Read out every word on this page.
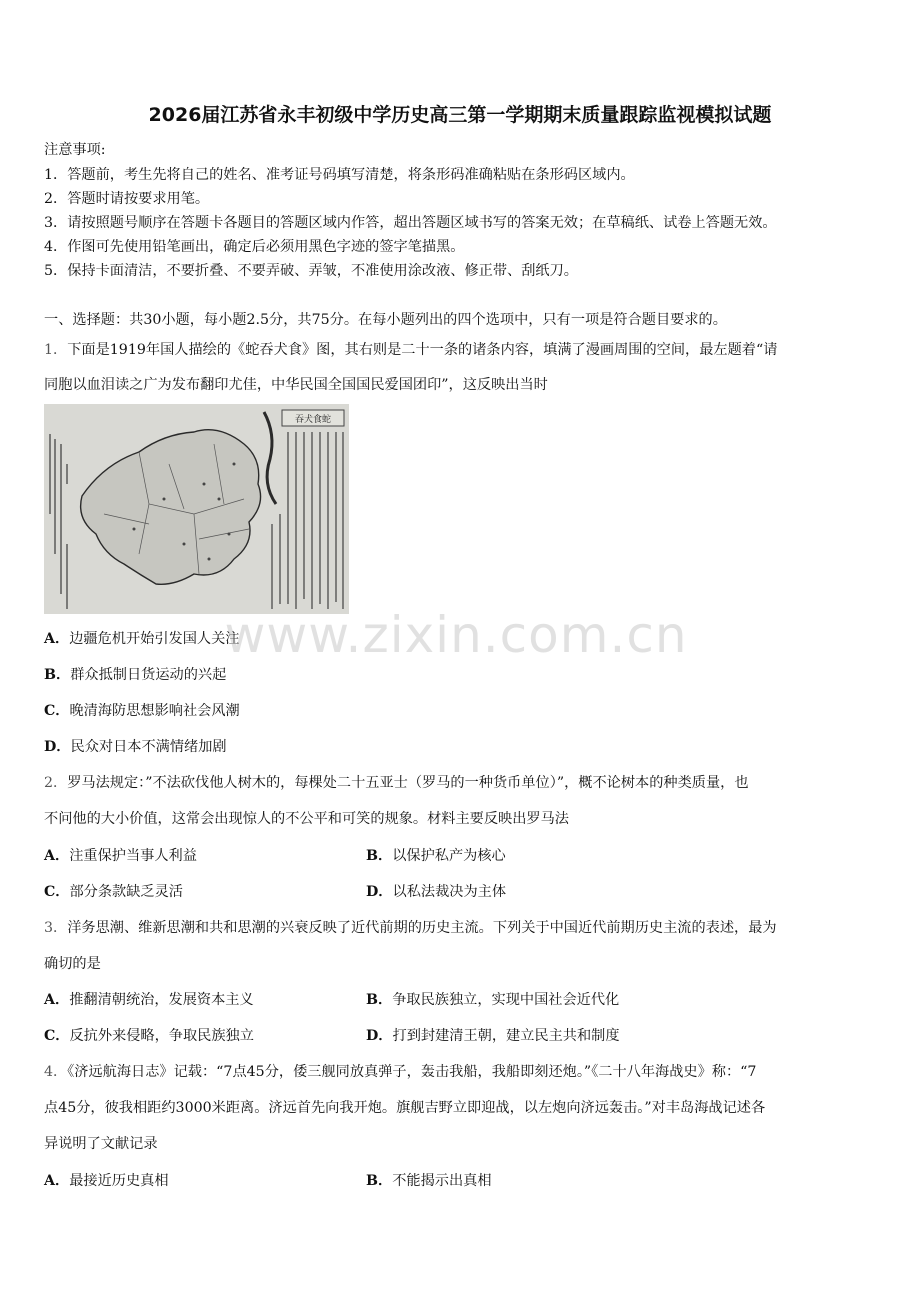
2026届江苏省永丰初级中学历史高三第一学期期末质量跟踪监视模拟试题
注意事项:
1．答题前，考生先将自己的姓名、准考证号码填写清楚，将条形码准确粘贴在条形码区域内。
2．答题时请按要求用笔。
3．请按照题号顺序在答题卡各题目的答题区域内作答，超出答题区域书写的答案无效；在草稿纸、试卷上答题无效。
4．作图可先使用铅笔画出，确定后必须用黑色字迹的签字笔描黑。
5．保持卡面清洁，不要折叠、不要弄破、弄皱，不准使用涂改液、修正带、刮纸刀。
一、选择题：共30小题，每小题2.5分，共75分。在每小题列出的四个选项中，只有一项是符合题目要求的。
1．下面是1919年国人描绘的《蛇吞犬食》图，其右则是二十一条的诸条内容，填满了漫画周围的空间，最左题着“请
同胞以血泪读之广为发布翻印尤佳，中华民国全国国民爱国团印”，这反映出当时
吞犬食蛇
A．边疆危机开始引发国人关注
B．群众抵制日货运动的兴起
C．晚清海防思想影响社会风潮
D．民众对日本不满情绪加剧
www.zixin.com.cn
2．罗马法规定：”不法砍伐他人树木的，每棵处二十五亚士（罗马的一种货币单位）”，概不论树本的种类质量，也
不问他的大小价值，这常会出现惊人的不公平和可笑的规象。材料主要反映出罗马法
A．注重保护当事人利益	B．以保护私产为核心
C．部分条款缺乏灵活	D．以私法裁决为主体
3．洋务思潮、维新思潮和共和思潮的兴衰反映了近代前期的历史主流。下列关于中国近代前期历史主流的表述，最为
确切的是
A．推翻清朝统治，发展资本主义	B．争取民族独立，实现中国社会近代化
C．反抗外来侵略，争取民族独立	D．打到封建清王朝，建立民主共和制度
4．《济远航海日志》记载：“7点45分，倭三舰同放真弹子，轰击我船，我船即刻还炮。”《二十八年海战史》称：“7
点45分，彼我相距约3000米距离。济远首先向我开炮。旗舰吉野立即迎战，以左炮向济远轰击。”对丰岛海战记述各
异说明了文献记录
A．最接近历史真相	B．不能揭示出真相
